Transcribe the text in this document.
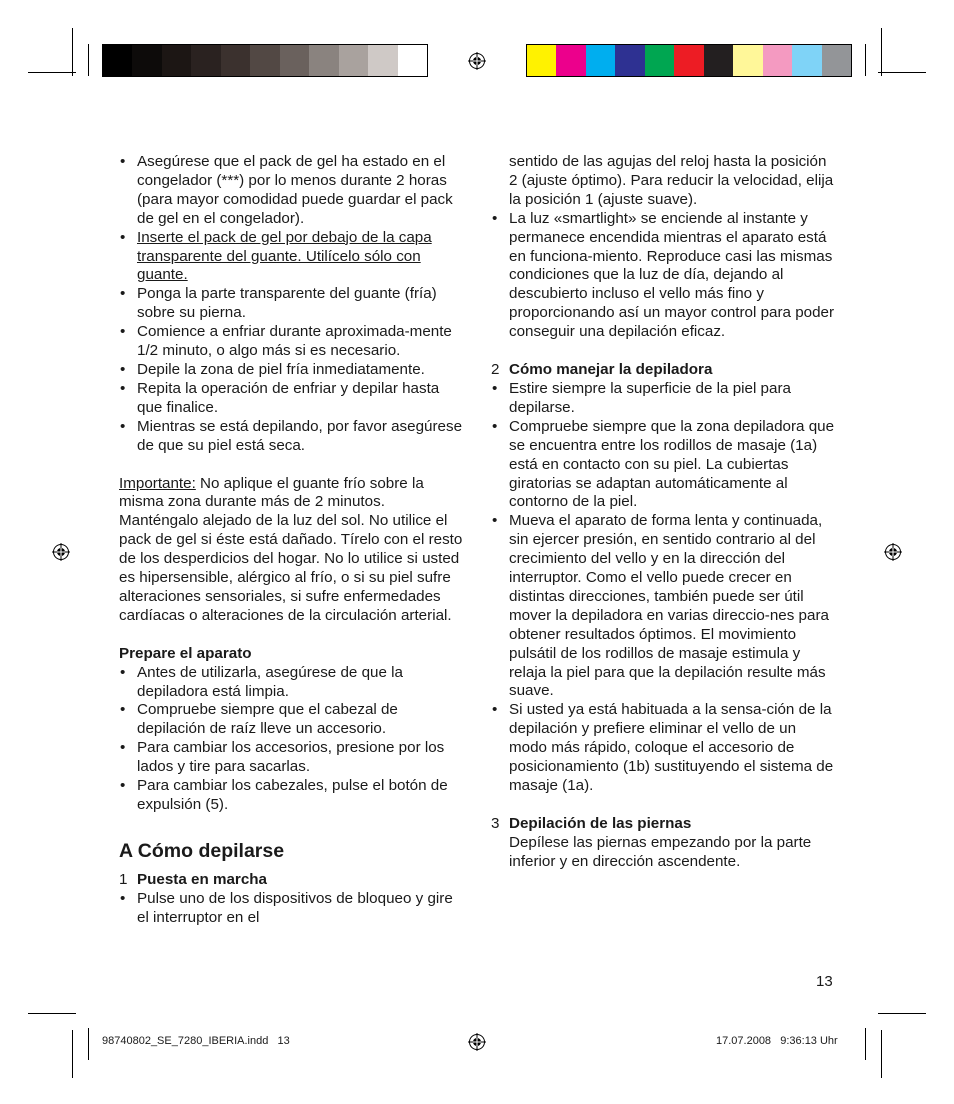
• Asegúrese que el pack de gel ha estado en el congelador (***) por lo menos durante 2 horas (para mayor comodidad puede guardar el pack de gel en el congelador).
• Inserte el pack de gel por debajo de la capa transparente del guante. Utilícelo sólo con guante.
• Ponga la parte transparente del guante (fría) sobre su pierna.
• Comience a enfriar durante aproximada-mente 1/2 minuto, o algo más si es necesario.
• Depile la zona de piel fría inmediatamente.
• Repita la operación de enfriar y depilar hasta que finalice.
• Mientras se está depilando, por favor asegúrese de que su piel está seca.

Importante: No aplique el guante frío sobre la misma zona durante más de 2 minutos. Manténgalo alejado de la luz del sol. No utilice el pack de gel si éste está dañado. Tírelo con el resto de los desperdicios del hogar. No lo utilice si usted es hipersensible, alérgico al frío, o si su piel sufre alteraciones sensoriales, si sufre enfermedades cardíacas o alteraciones de la circulación arterial.

Prepare el aparato

• Antes de utilizarla, asegúrese de que la depiladora está limpia.
• Compruebe siempre que el cabezal de depilación de raíz lleve un accesorio.
• Para cambiar los accesorios, presione por los lados y tire para sacarlas.
• Para cambiar los cabezales, pulse el botón de expulsión (5).

A Cómo depilarse

1 Puesta en marcha
• Pulse uno de los dispositivos de bloqueo y gire el interruptor en el
sentido de las agujas del reloj hasta la posición 2 (ajuste óptimo). Para reducir la velocidad, elija la posición 1 (ajuste suave).
• La luz «smartlight» se enciende al instante y permanece encendida mientras el aparato está en funciona-miento. Reproduce casi las mismas condiciones que la luz de día, dejando al descubierto incluso el vello más fino y proporcionando así un mayor control para poder conseguir una depilación eficaz.
2 Cómo manejar la depiladora
• Estire siempre la superficie de la piel para depilarse.
• Compruebe siempre que la zona depiladora que se encuentra entre los rodillos de masaje (1a) está en contacto con su piel. La cubiertas giratorias se adaptan automáticamente al contorno de la piel.
• Mueva el aparato de forma lenta y continuada, sin ejercer presión, en sentido contrario al del crecimiento del vello y en la dirección del interruptor. Como el vello puede crecer en distintas direcciones, también puede ser útil mover la depiladora en varias direccio-nes para obtener resultados óptimos. El movimiento pulsátil de los rodillos de masaje estimula y relaja la piel para que la depilación resulte más suave.
• Si usted ya está habituada a la sensa-ción de la depilación y prefiere eliminar el vello de un modo más rápido, coloque el accesorio de posicionamiento (1b) sustituyendo el sistema de masaje (1a).
3 Depilación de las piernas

Depílese las piernas empezando por la parte inferior y en dirección ascendente.

13
98740802_SE_7280_IBERIA.indd   13	17.07.2008   9:36:13 Uhr
